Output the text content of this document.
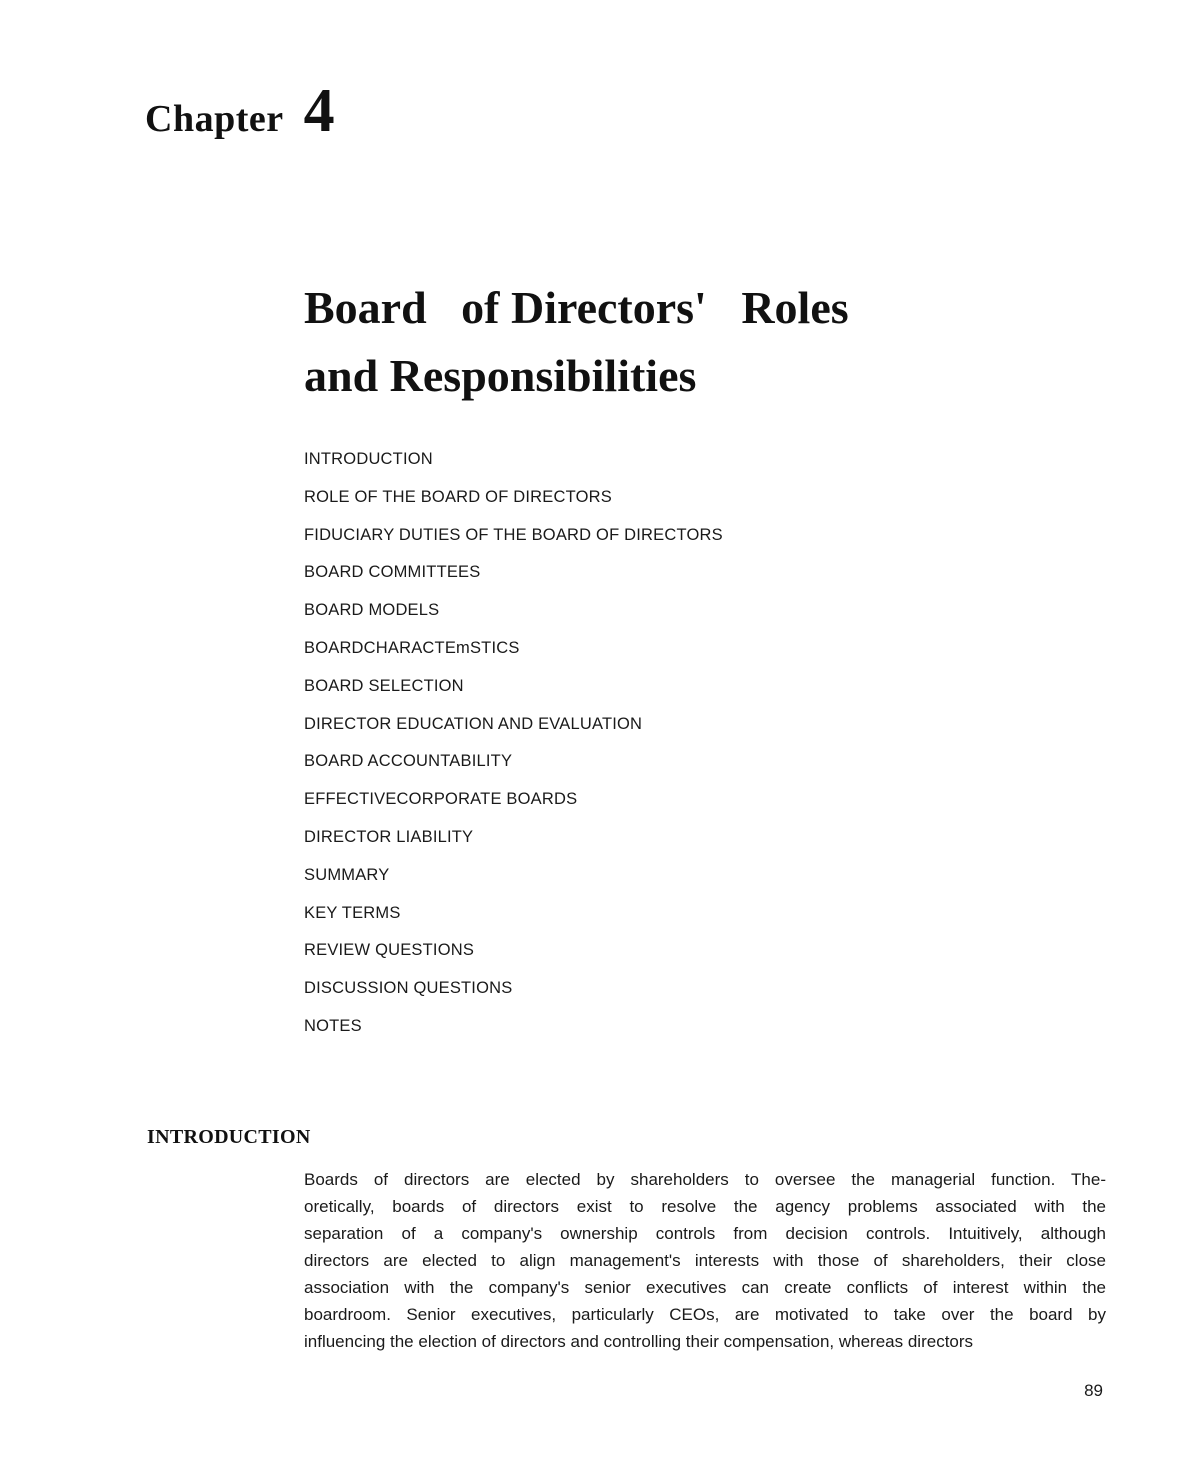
Chapter 4
Board   of Directors'   Roles
and Responsibilities
INTRODUCTION
ROLE OF THE BOARD OF DIRECTORS
FIDUCIARY DUTIES OF THE BOARD OF DIRECTORS
BOARD COMMITTEES
BOARD MODELS
BOARDCHARACTEmSTICS
BOARD SELECTION
DIRECTOR EDUCATION AND EVALUATION
BOARD ACCOUNTABILITY
EFFECTIVECORPORATE BOARDS
DIRECTOR LIABILITY
SUMMARY
KEY TERMS
REVIEW QUESTIONS
DISCUSSION QUESTIONS
NOTES
INTRODUCTION

Boards of directors are elected by shareholders to oversee the managerial function. The-
oretically, boards of directors exist to resolve the agency problems associated with the
separation of a company's ownership controls from decision controls. Intuitively, although
directors are elected to align management's interests with those of shareholders, their close
association with the company's senior executives can create conflicts of interest within the
boardroom. Senior executives, particularly CEOs, are motivated to take over the board by
influencing the election of directors and controlling their compensation, whereas directors

89
